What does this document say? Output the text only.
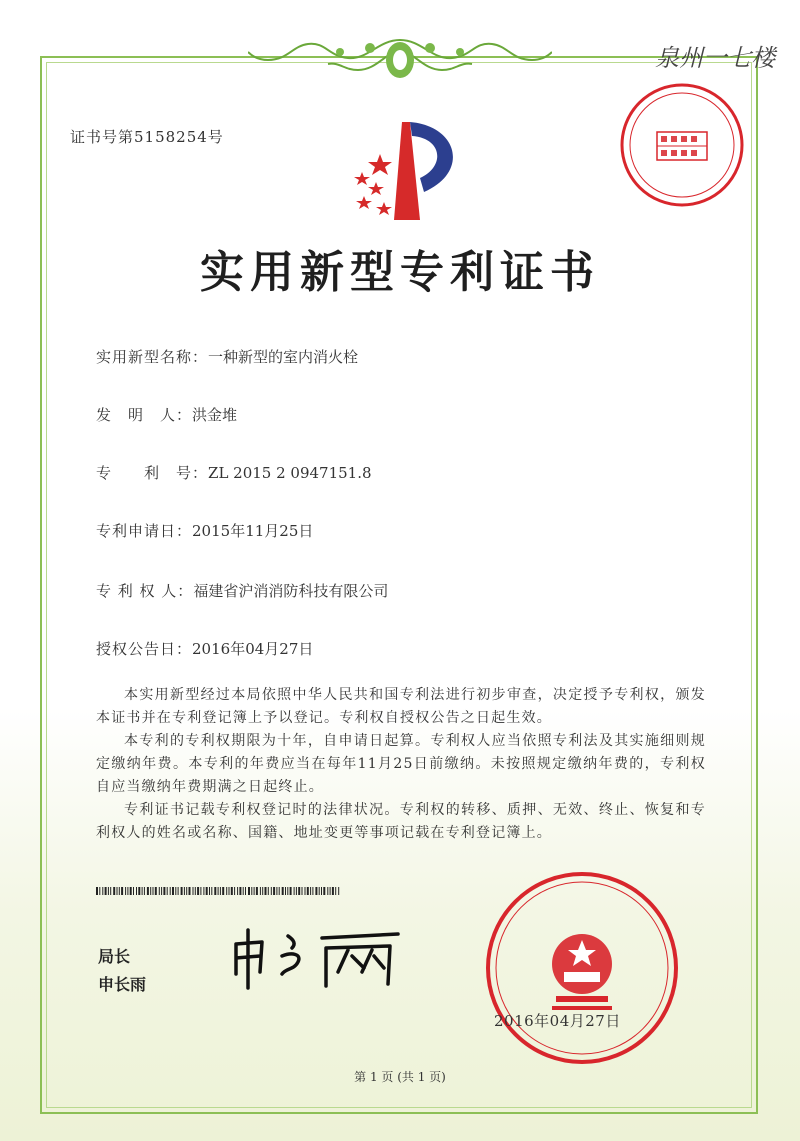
泉州一七楼
证书号第5158254号
实用新型专利证书
实用新型名称：一种新型的室内消火栓
发　明　人：洪金堆
专　　利　号：ZL 2015 2 0947151.8
专利申请日：2015年11月25日
专 利 权 人：福建省沪消消防科技有限公司
授权公告日：2016年04月27日

本实用新型经过本局依照中华人民共和国专利法进行初步审查，决定授予专利权，颁发本证书并在专利登记簿上予以登记。专利权自授权公告之日起生效。

本专利的专利权期限为十年，自申请日起算。专利权人应当依照专利法及其实施细则规定缴纳年费。本专利的年费应当在每年11月25日前缴纳。未按照规定缴纳年费的，专利权自应当缴纳年费期满之日起终止。

专利证书记载专利权登记时的法律状况。专利权的转移、质押、无效、终止、恢复和专利权人的姓名或名称、国籍、地址变更等事项记载在专利登记簿上。

局长
申长雨
2016年04月27日
第 1 页 (共 1 页)
